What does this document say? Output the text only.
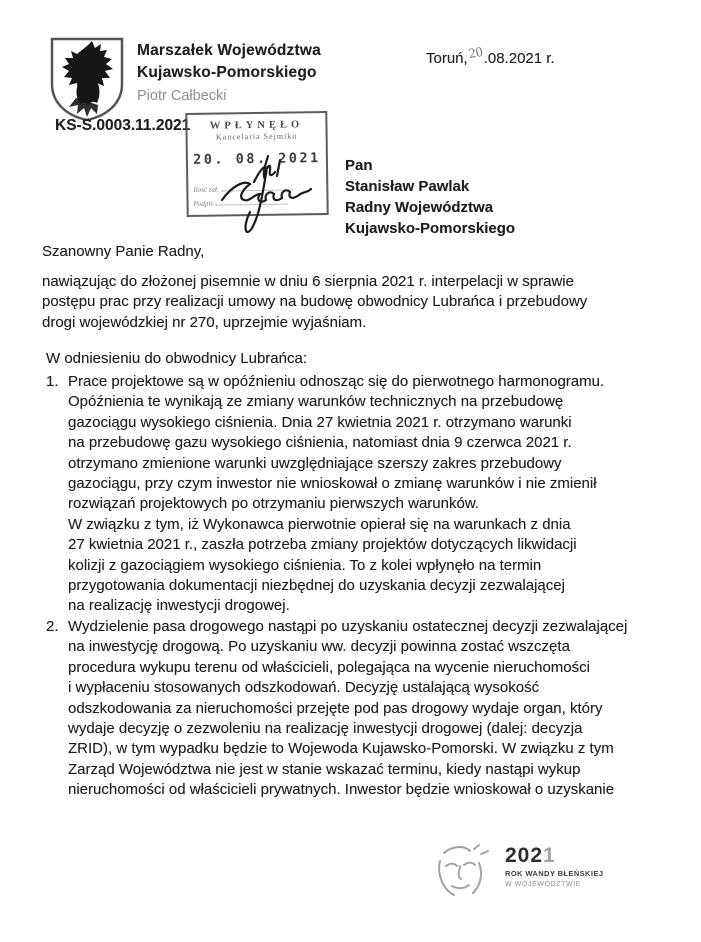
Marszałek Województwa
Kujawsko-Pomorskiego
Piotr Całbecki
Toruń,20.08.2021 r.
KS-S.0003.11.2021	WPŁYNĘŁO
Kancelaria Sejmiku
20. 08. 2021
Ilość zał.
Podpis
Pan
Stanisław Pawlak
Radny Województwa
Kujawsko-Pomorskiego
Szanowny Panie Radny,
nawiązując do złożonej pisemnie w dniu 6 sierpnia 2021 r. interpelacji w sprawie
postępu prac przy realizacji umowy na budowę obwodnicy Lubrańca i przebudowy
drogi wojewódzkiej nr 270, uprzejmie wyjaśniam.
W odniesieniu do obwodnicy Lubrańca:
1. Prace projektowe są w opóźnieniu odnosząc się do pierwotnego harmonogramu.
Opóźnienia te wynikają ze zmiany warunków technicznych na przebudowę
gazociągu wysokiego ciśnienia. Dnia 27 kwietnia 2021 r. otrzymano warunki
na przebudowę gazu wysokiego ciśnienia, natomiast dnia 9 czerwca 2021 r.
otrzymano zmienione warunki uwzględniające szerszy zakres przebudowy
gazociągu, przy czym inwestor nie wnioskował o zmianę warunków i nie zmienił
rozwiązań projektowych po otrzymaniu pierwszych warunków.
W związku z tym, iż Wykonawca pierwotnie opierał się na warunkach z dnia
27 kwietnia 2021 r., zaszła potrzeba zmiany projektów dotyczących likwidacji
kolizji z gazociągiem wysokiego ciśnienia. To z kolei wpłynęło na termin
przygotowania dokumentacji niezbędnej do uzyskania decyzji zezwalającej
na realizację inwestycji drogowej.
2. Wydzielenie pasa drogowego nastąpi po uzyskaniu ostatecznej decyzji zezwalającej
na inwestycję drogową. Po uzyskaniu ww. decyzji powinna zostać wszczęta
procedura wykupu terenu od właścicieli, polegająca na wycenie nieruchomości
i wypłaceniu stosowanych odszkodowań. Decyzję ustalającą wysokość
odszkodowania za nieruchomości przejęte pod pas drogowy wydaje organ, który
wydaje decyzję o zezwoleniu na realizację inwestycji drogowej (dalej: decyzja
ZRID), w tym wypadku będzie to Wojewoda Kujawsko-Pomorski. W związku z tym
Zarząd Województwa nie jest w stanie wskazać terminu, kiedy nastąpi wykup
nieruchomości od właścicieli prywatnych. Inwestor będzie wnioskował o uzyskanie
2021
ROK WANDY BŁEŃSKIEJ
W WOJEWÓDZTWIE
